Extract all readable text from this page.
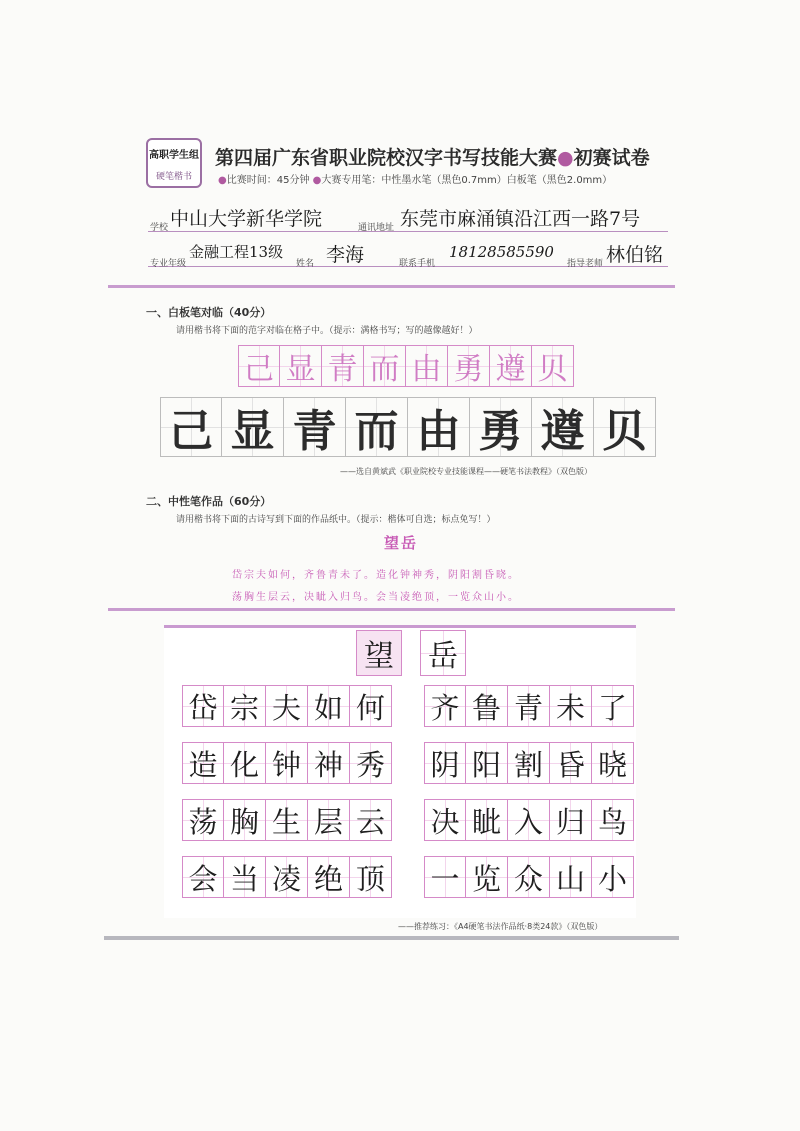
高职学生组
硬笔楷书
第四届广东省职业院校汉字书写技能大赛●初赛试卷
●比赛时间：45分钟 ●大赛专用笔：中性墨水笔（黑色0.7mm）白板笔（黑色2.0mm）
学校 中山大学新华学院	通讯地址 东莞市麻涌镇沿江西一路7号
专业年级
金融工程13级
姓名 李海	联系手机
18128585590
指导老师 林伯铭
一、白板笔对临（40分）
请用楷书将下面的范字对临在格子中。（提示：满格书写；写的越像越好！）
己 显 青 而 由 勇 遵 贝
己 显 青 而 由 勇 遵 贝
——选自黄斌武《职业院校专业技能课程——硬笔书法教程》（双色版）
二、中性笔作品（60分）
请用楷书将下面的古诗写到下面的作品纸中。（提示：楷体可自选；标点免写！）
望岳
岱宗夫如何，齐鲁青未了。造化钟神秀，阴阳割昏晓。
荡胸生层云，决眦入归鸟。会当凌绝顶，一览众山小。
望 岳
岱 宗 夫 如 何 齐 鲁 青 未 了
造 化 钟 神 秀 阴 阳 割 昏 晓
荡 胸 生 层 云 决 眦 入 归 鸟
会 当 凌 绝 顶 一 览 众 山 小
——推荐练习：《A4硬笔书法作品纸·8类24款》（双色版）
